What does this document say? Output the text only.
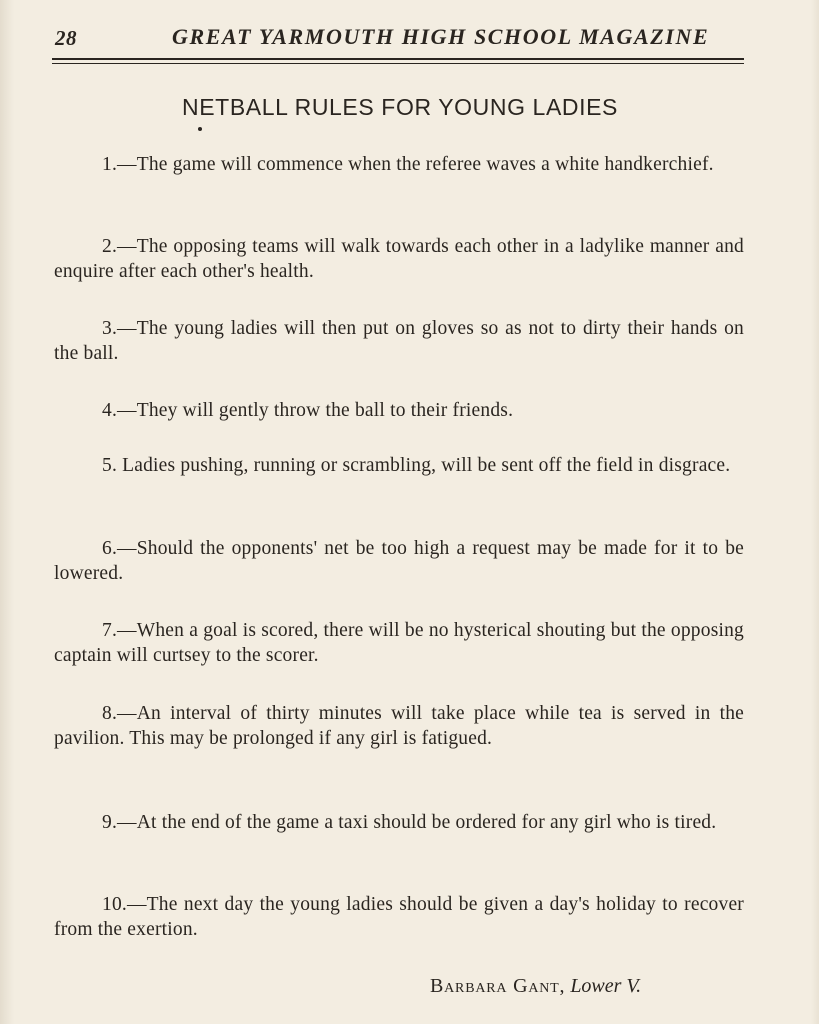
28	GREAT YARMOUTH HIGH SCHOOL MAGAZINE
NETBALL RULES FOR YOUNG LADIES

1.—The game will commence when the referee waves a white handkerchief.

2.—The opposing teams will walk towards each other in a ladylike manner and enquire after each other's health.

3.—The young ladies will then put on gloves so as not to dirty their hands on the ball.

4.—They will gently throw the ball to their friends.

5. Ladies pushing, running or scrambling, will be sent off the field in disgrace.

6.—Should the opponents' net be too high a request may be made for it to be lowered.

7.—When a goal is scored, there will be no hysterical shouting but the opposing captain will curtsey to the scorer.

8.—An interval of thirty minutes will take place while tea is served in the pavilion. This may be prolonged if any girl is fatigued.

9.—At the end of the game a taxi should be ordered for any girl who is tired.

10.—The next day the young ladies should be given a day's holiday to recover from the exertion.

Barbara Gant, Lower V.
